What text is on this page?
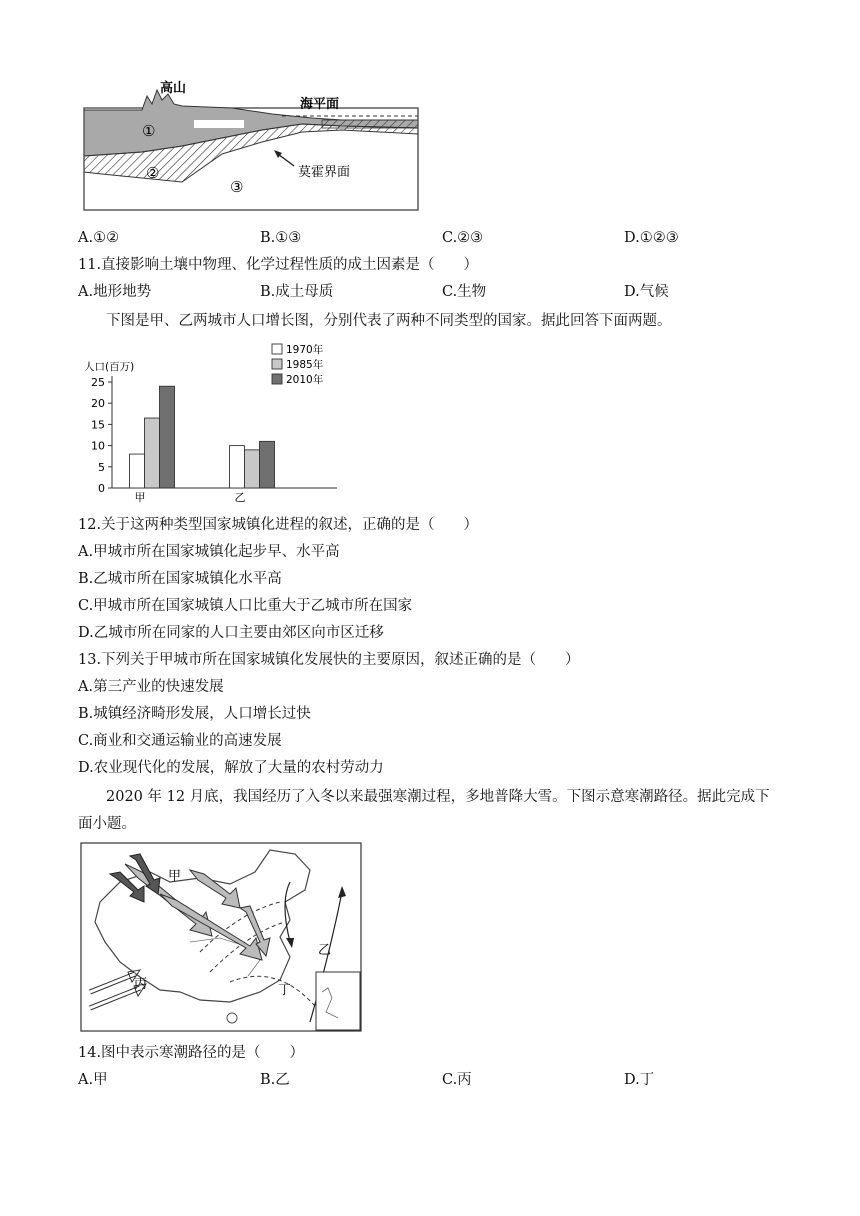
高山
海平面
莫霍界面
①
②
③
A.①②	B.①③	C.②③	D.①②③
11.直接影响土壤中物理、化学过程性质的成土因素是（　　）
A.地形地势	B.成土母质	C.生物	D.气候
下图是甲、乙两城市人口增长图，分别代表了两种不同类型的国家。据此回答下面两题。
人口(百万)
0
5
10
15
20
25
甲	乙
1970年
1985年
2010年
12.关于这两种类型国家城镇化进程的叙述，正确的是（　　）
A.甲城市所在国家城镇化起步早、水平高
B.乙城市所在国家城镇化水平高
C.甲城市所在国家城镇人口比重大于乙城市所在国家
D.乙城市所在同家的人口主要由郊区向市区迁移
13.下列关于甲城市所在国家城镇化发展快的主要原因，叙述正确的是（　　）
A.第三产业的快速发展
B.城镇经济畸形发展，人口增长过快
C.商业和交通运输业的高速发展
D.农业现代化的发展，解放了大量的农村劳动力
2020 年 12 月底，我国经历了入冬以来最强寒潮过程，多地普降大雪。下图示意寒潮路径。据此完成下
面小题。
甲
乙
丙	丁
14.图中表示寒潮路径的是（　　）
A.甲	B.乙	C.丙	D.丁
